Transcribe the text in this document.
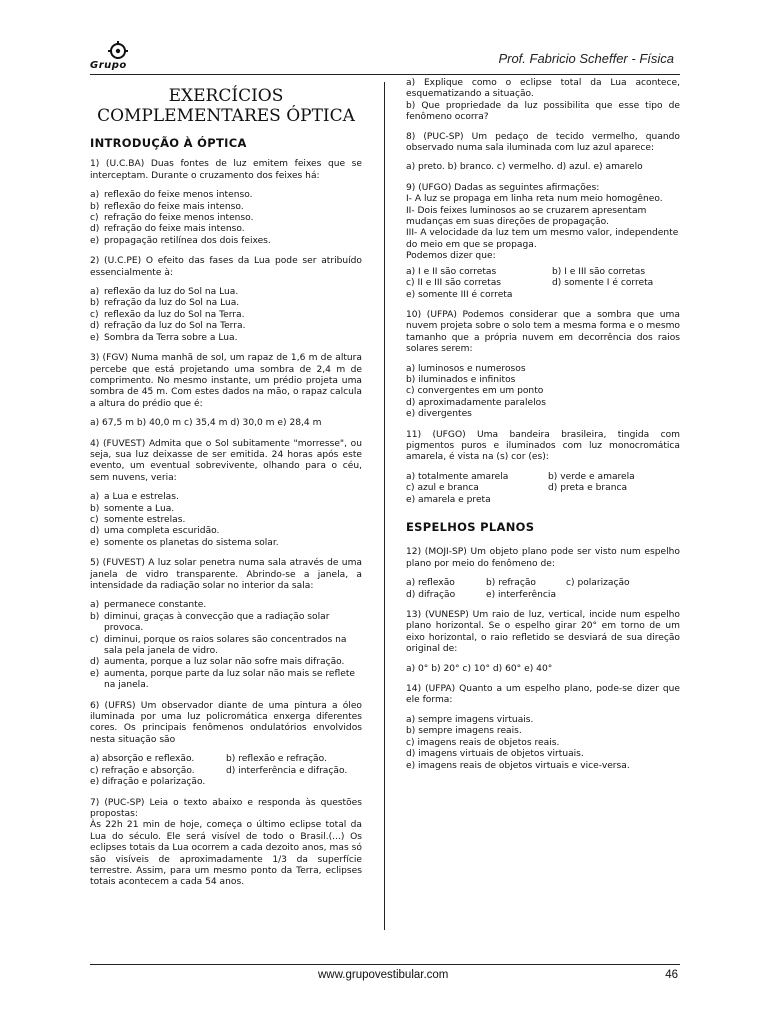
Grupo	Prof. Fabricio Scheffer - Física
EXERCÍCIOS COMPLEMENTARES ÓPTICA
INTRODUÇÃO À ÓPTICA
1) (U.C.BA) Duas fontes de luz emitem feixes que se interceptam. Durante o cruzamento dos feixes há:
a) reflexão do feixe menos intenso.
b) reflexão do feixe mais intenso.
c) refração do feixe menos intenso.
d) refração do feixe mais intenso.
e) propagação retilínea dos dois feixes.
2) (U.C.PE) O efeito das fases da Lua pode ser atribuído essencialmente à:
a) reflexão da luz do Sol na Lua.
b) refração da luz do Sol na Lua.
c) reflexão da luz do Sol na Terra.
d) refração da luz do Sol na Terra.
e) Sombra da Terra sobre a Lua.
3) (FGV) Numa manhã de sol, um rapaz de 1,6 m de altura percebe que está projetando uma sombra de 2,4 m de comprimento. No mesmo instante, um prédio projeta uma sombra de 45 m. Com estes dados na mão, o rapaz calcula a altura do prédio que é:
a) 67,5 m b) 40,0 m c) 35,4 m d) 30,0 m e) 28,4 m
4) (FUVEST) Admita que o Sol subitamente "morresse", ou seja, sua luz deixasse de ser emitida. 24 horas após este evento, um eventual sobrevivente, olhando para o céu, sem nuvens, veria:
a) a Lua e estrelas.
b) somente a Lua.
c) somente estrelas.
d) uma completa escuridão.
e) somente os planetas do sistema solar.
5) (FUVEST) A luz solar penetra numa sala através de uma janela de vidro transparente. Abrindo-se a janela, a intensidade da radiação solar no interior da sala:
a) permanece constante.
b) diminui, graças à convecção que a radiação solar provoca.
c) diminui, porque os raios solares são concentrados na sala pela janela de vidro.
d) aumenta, porque a luz solar não sofre mais difração.
e) aumenta, porque parte da luz solar não mais se reflete na janela.
6) (UFRS) Um observador diante de uma pintura a óleo iluminada por uma luz policromática enxerga diferentes cores. Os principais fenômenos ondulatórios envolvidos nesta situação são
a) absorção e reflexão.	b) reflexão e refração.
c) refração e absorção.	d) interferência e difração.
e) difração e polarização.
7) (PUC-SP) Leia o texto abaixo e responda às questões propostas:
Às 22h 21 min de hoje, começa o último eclipse total da Lua do século. Ele será visível de todo o Brasil.(...) Os eclipses totais da Lua ocorrem a cada dezoito anos, mas só são visíveis de aproximadamente 1/3 da superfície terrestre. Assim, para um mesmo ponto da Terra, eclipses totais acontecem a cada 54 anos.
a) Explique como o eclipse total da Lua acontece, esquematizando a situação.
b) Que propriedade da luz possibilita que esse tipo de fenômeno ocorra?
8) (PUC-SP) Um pedaço de tecido vermelho, quando observado numa sala iluminada com luz azul aparece:
a) preto. b) branco. c) vermelho. d) azul. e) amarelo
9) (UFGO) Dadas as seguintes afirmações:
I- A luz se propaga em linha reta num meio homogêneo.
II- Dois feixes luminosos ao se cruzarem apresentam mudanças em suas direções de propagação.
III- A velocidade da luz tem um mesmo valor, independente do meio em que se propaga.
Podemos dizer que:
a) I e II são corretas	b) I e III são corretas
c) II e III são corretas	d) somente I é correta
e) somente III é correta
10) (UFPA) Podemos considerar que a sombra que uma nuvem projeta sobre o solo tem a mesma forma e o mesmo tamanho que a própria nuvem em decorrência dos raios solares serem:
a) luminosos e numerosos
b) iluminados e infinitos
c) convergentes em um ponto
d) aproximadamente paralelos
e) divergentes
11) (UFGO) Uma bandeira brasileira, tingida com pigmentos puros e iluminados com luz monocromática amarela, é vista na (s) cor (es):
a) totalmente amarela	b) verde e amarela
c) azul e branca	d) preta e branca
e) amarela e preta
ESPELHOS PLANOS
12) (MOJI-SP) Um objeto plano pode ser visto num espelho plano por meio do fenômeno de:
a) reflexão	b) refração	c) polarização
d) difração	e) interferência
13) (VUNESP) Um raio de luz, vertical, incide num espelho plano horizontal. Se o espelho girar 20° em torno de um eixo horizontal, o raio refletido se desviará de sua direção original de:
a) 0° b) 20° c) 10° d) 60° e) 40°
14) (UFPA) Quanto a um espelho plano, pode-se dizer que ele forma:
a) sempre imagens virtuais.
b) sempre imagens reais.
c) imagens reais de objetos reais.
d) imagens virtuais de objetos virtuais.
e) imagens reais de objetos virtuais e vice-versa.
www.grupovestibular.com	46
